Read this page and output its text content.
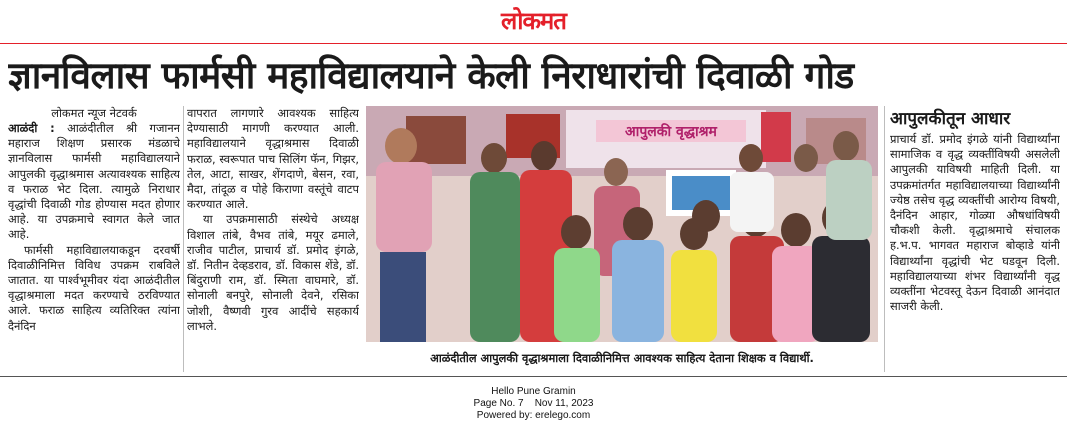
लोकमत
ज्ञानविलास फार्मसी महाविद्यालयाने केली निराधारांची दिवाळी गोड

लोकमत न्यूज नेटवर्क

आळंदी : आळंदीतील श्री गजानन महाराज शिक्षण प्रसारक मंडळाचे ज्ञानविलास फार्मसी महाविद्यालयाने आपुलकी वृद्धाश्रमास अत्यावश्यक साहित्य व फराळ भेट दिला. त्यामुळे निराधार वृद्धांची दिवाळी गोड होण्यास मदत होणार आहे. या उपक्रमाचे स्वागत केले जात आहे.

फार्मसी महाविद्यालयाकडून दरवर्षी दिवाळीनिमित्त विविध उपक्रम राबविले जातात. या पार्श्वभूमीवर यंदा आळंदीतील वृद्धाश्रमाला मदत करण्याचे ठरविण्यात आले. फराळ साहित्य व्यतिरिक्त त्यांना दैनंदिन

वापरात लागणारे आवश्यक साहित्य देण्यासाठी मागणी करण्यात आली. महाविद्यालयाने वृद्धाश्रमास दिवाळी फराळ, स्वरूपात पाच सिलिंग फॅन, गिझर, तेल, आटा, साखर, शेंगदाणे, बेसन, रवा, मैदा, तांदूळ व पोहे किराणा वस्तूंचे वाटप करण्यात आले.

या उपक्रमासाठी संस्थेचे अध्यक्ष विशाल तांबे, वैभव तांबे, मयूर ढमाले, राजीव पाटील, प्राचार्य डॉ. प्रमोद इंगळे, डॉ. नितीन देव्हडराव, डॉ. विकास शेंडे, डॉ. बिंदुराणी राम, डॉ. स्मिता वाघमारे, डॉ. सोनाली बनपुरे, सोनाली देवने, रसिका जोशी, वैष्णवी गुरव आदींचे सहकार्य लाभले.

आपुलकी वृद्धाश्रम
आळंदीतील आपुलकी वृद्धाश्रमाला दिवाळीनिमित्त आवश्यक साहित्य देताना शिक्षक व विद्यार्थी.
आपुलकीतून आधार

प्राचार्य डॉ. प्रमोद इंगळे यांनी विद्यार्थ्यांना सामाजिक व वृद्ध व्यक्तींविषयी असलेली आपुलकी याविषयी माहिती दिली. या उपक्रमांतर्गत महाविद्यालयाच्या विद्यार्थ्यांनी ज्येष्ठ तसेच वृद्ध व्यक्तींची आरोग्य विषयी, दैनंदिन आहार, गोळ्या औषधांविषयी चौकशी केली. वृद्धाश्रमाचे संचालक ह.भ.प. भागवत महाराज बोव्हाडे यांनी विद्यार्थ्यांना वृद्धांची भेट घडवून दिली. महाविद्यालयाच्या शंभर विद्यार्थ्यांनी वृद्ध व्यक्तींना भेटवस्तू देऊन दिवाळी आनंदात साजरी केली.

Hello Pune Gramin
Page No. 7    Nov 11, 2023
Powered by: erelego.com
